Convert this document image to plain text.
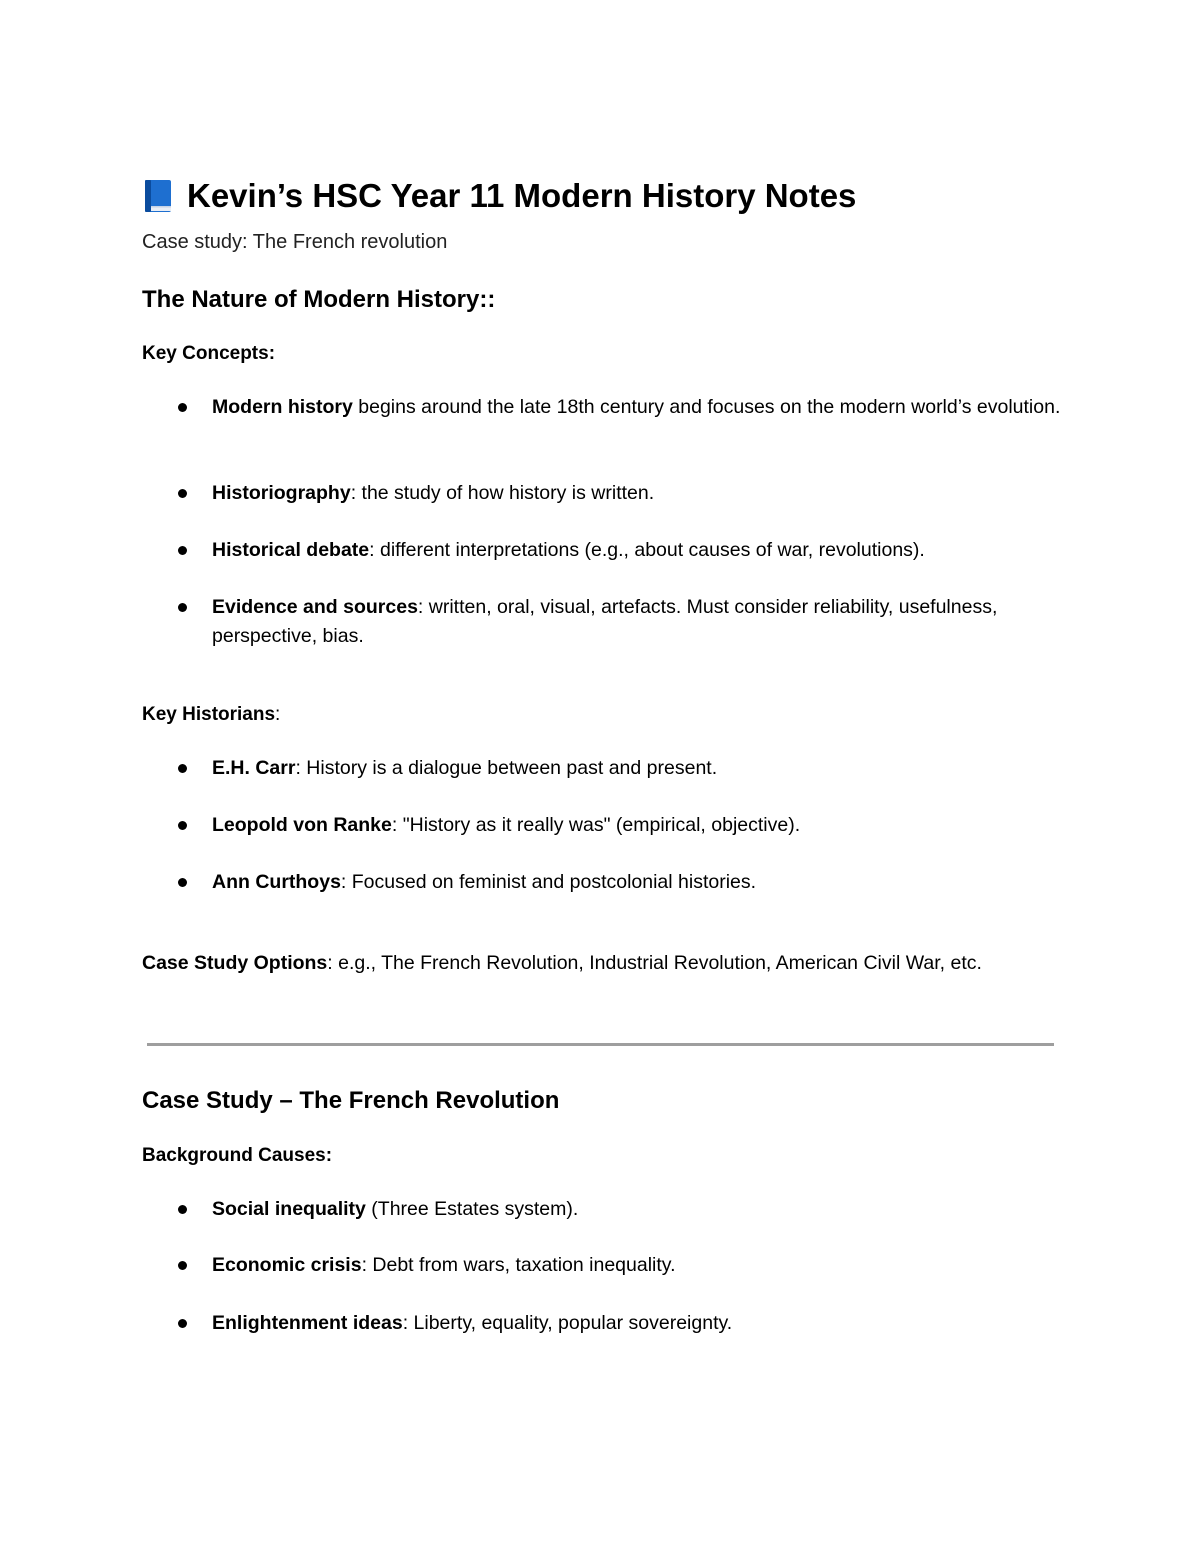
Kevin’s HSC Year 11 Modern History Notes
Case study: The French revolution
The Nature of Modern History::
Key Concepts:
Modern history begins around the late 18th century and focuses on the modern world’s evolution.
Historiography: the study of how history is written.
Historical debate: different interpretations (e.g., about causes of war, revolutions).
Evidence and sources: written, oral, visual, artefacts. Must consider reliability, usefulness, perspective, bias.
Key Historians:
E.H. Carr: History is a dialogue between past and present.
Leopold von Ranke: "History as it really was" (empirical, objective).
Ann Curthoys: Focused on feminist and postcolonial histories.
Case Study Options: e.g., The French Revolution, Industrial Revolution, American Civil War, etc.
Case Study – The French Revolution
Background Causes:
Social inequality (Three Estates system).
Economic crisis: Debt from wars, taxation inequality.
Enlightenment ideas: Liberty, equality, popular sovereignty.
